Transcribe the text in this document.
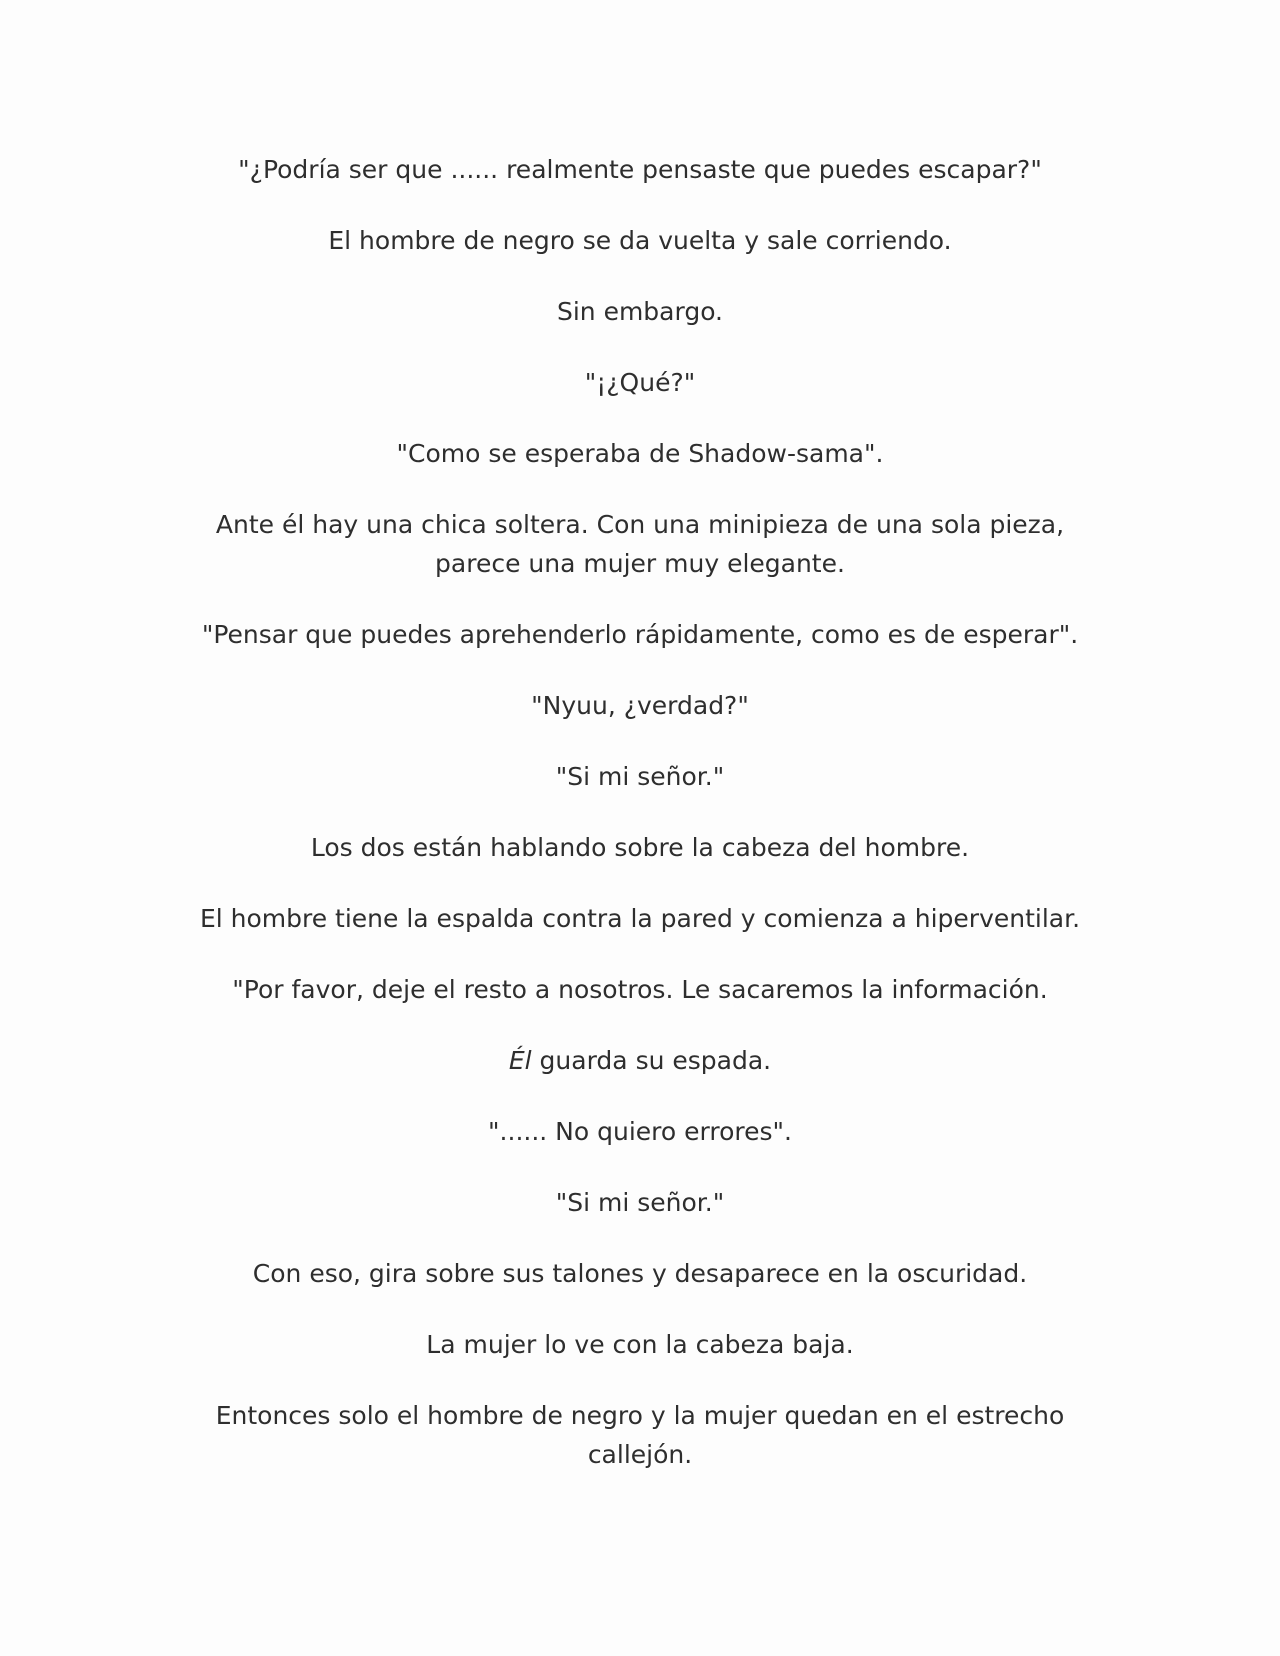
"¿Podría ser que ...... realmente pensaste que puedes escapar?"

El hombre de negro se da vuelta y sale corriendo.

Sin embargo.

"¡¿Qué?"

"Como se esperaba de Shadow-sama".

Ante él hay una chica soltera. Con una minipieza de una sola pieza, parece una mujer muy elegante.

"Pensar que puedes aprehenderlo rápidamente, como es de esperar".

"Nyuu, ¿verdad?"

"Si mi señor."

Los dos están hablando sobre la cabeza del hombre.

El hombre tiene la espalda contra la pared y comienza a hiperventilar.

"Por favor, deje el resto a nosotros. Le sacaremos la información.

Él guarda su espada.

"...... No quiero errores".

"Si mi señor."

Con eso, gira sobre sus talones y desaparece en la oscuridad.

La mujer lo ve con la cabeza baja.

Entonces solo el hombre de negro y la mujer quedan en el estrecho callejón.
